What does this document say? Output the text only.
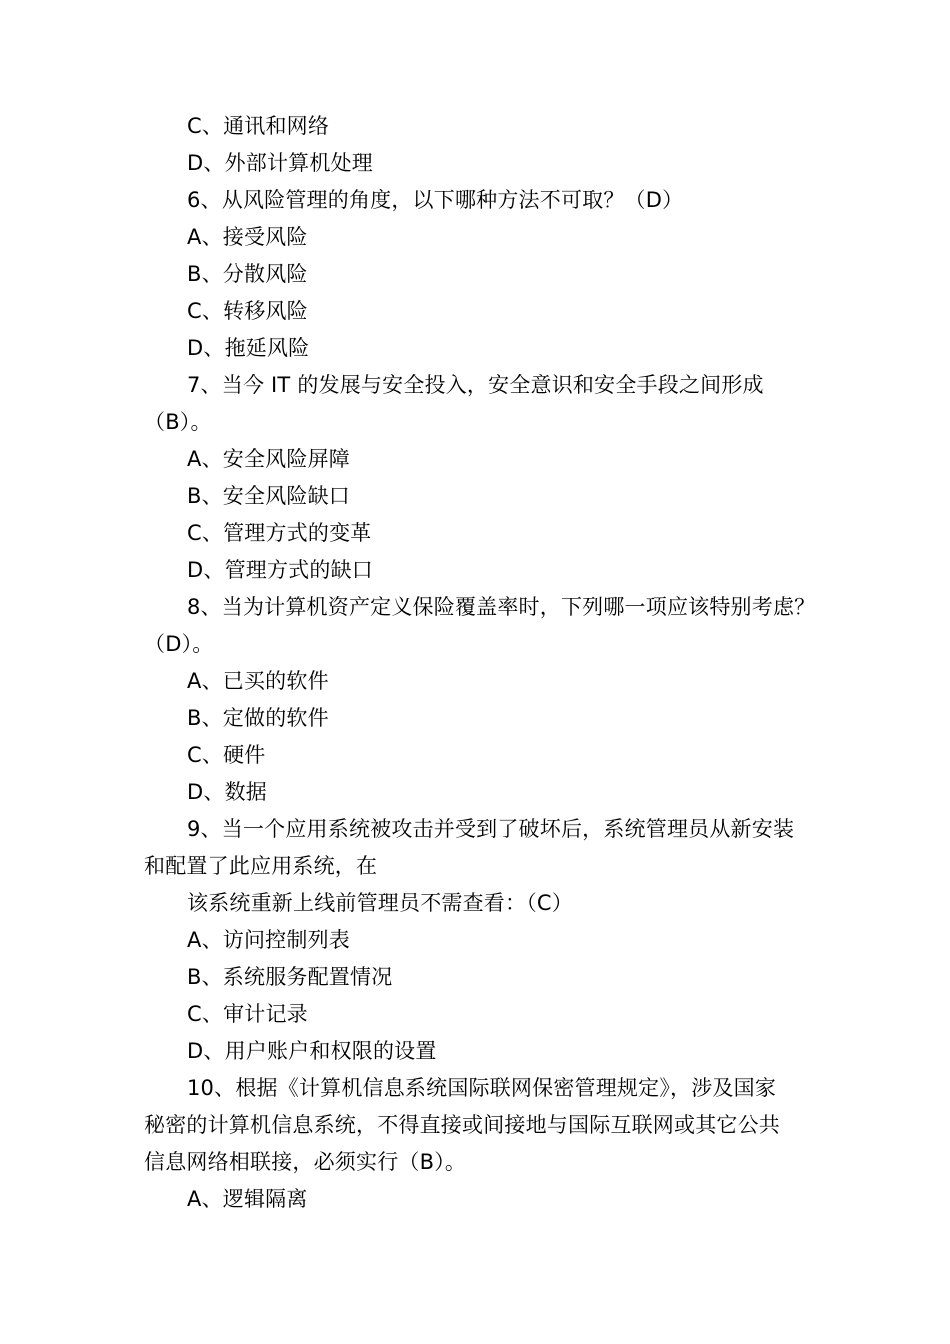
C、通讯和网络
D、外部计算机处理
6、从风险管理的角度，以下哪种方法不可取？（D）
A、接受风险
B、分散风险
C、转移风险
D、拖延风险
7、当今 IT 的发展与安全投入，安全意识和安全手段之间形成
（B）。
A、安全风险屏障
B、安全风险缺口
C、管理方式的变革
D、管理方式的缺口
8、当为计算机资产定义保险覆盖率时，下列哪一项应该特别考虑？
（D）。
A、已买的软件
B、定做的软件
C、硬件
D、数据
9、当一个应用系统被攻击并受到了破坏后，系统管理员从新安装
和配置了此应用系统，在
该系统重新上线前管理员不需查看：（C）
A、访问控制列表
B、系统服务配置情况
C、审计记录
D、用户账户和权限的设置
10、根据《计算机信息系统国际联网保密管理规定》，涉及国家
秘密的计算机信息系统，不得直接或间接地与国际互联网或其它公共
信息网络相联接，必须实行（B）。
A、逻辑隔离
